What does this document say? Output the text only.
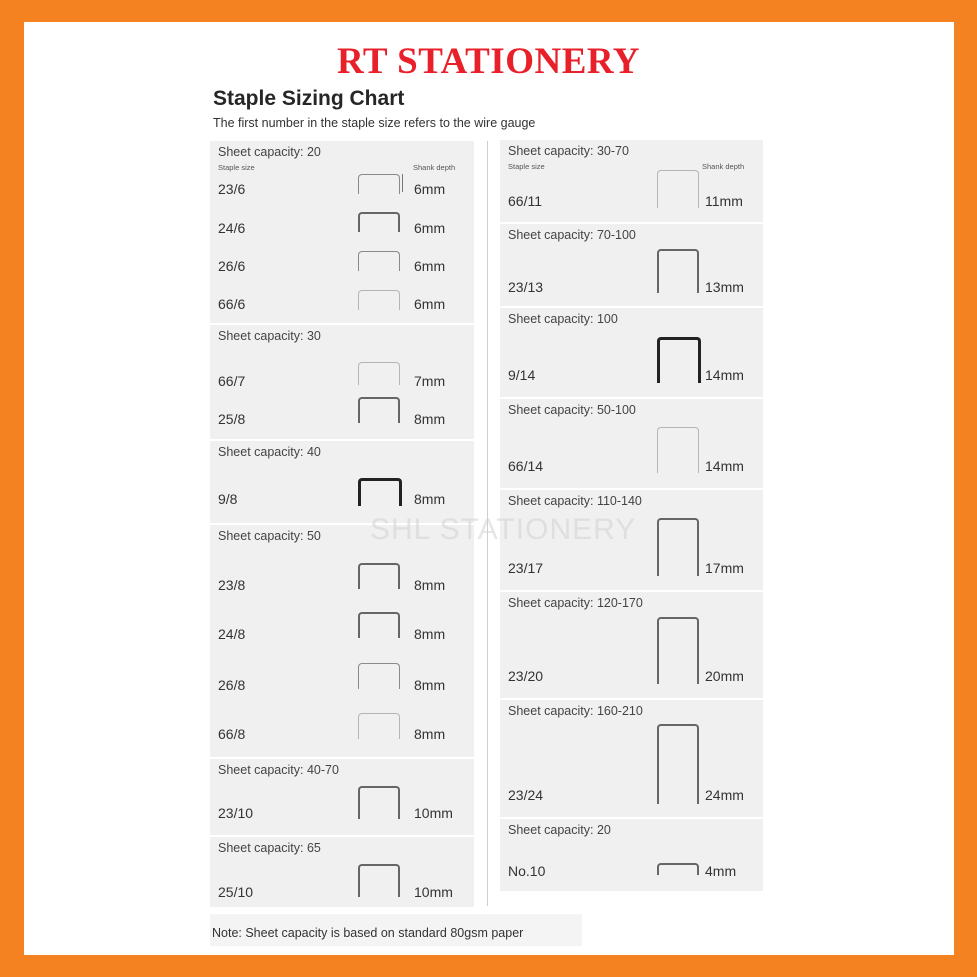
RT STATIONERY
Staple Sizing Chart
The first number in the staple size refers to the wire gauge
Sheet capacity: 20
Staple size	Shank depth
23/6	6mm
24/6	6mm
26/6	6mm
66/6	6mm
Sheet capacity: 30
66/7	7mm
25/8	8mm
Sheet capacity: 40
9/8	8mm
Sheet capacity: 50
23/8	8mm
24/8	8mm
26/8	8mm
66/8	8mm
Sheet capacity: 40-70
23/10	10mm
Sheet capacity: 65
25/10	10mm
Sheet capacity: 30-70
Staple size	Shank depth
66/11	11mm
Sheet capacity: 70-100
23/13	13mm
Sheet capacity: 100
9/14	14mm
Sheet capacity: 50-100
66/14	14mm
Sheet capacity: 110-140
23/17	17mm
Sheet capacity: 120-170
23/20	20mm
Sheet capacity: 160-210
23/24	24mm
Sheet capacity: 20
No.10	4mm
SHL STATIONERY
Note: Sheet capacity is based on standard 80gsm paper
